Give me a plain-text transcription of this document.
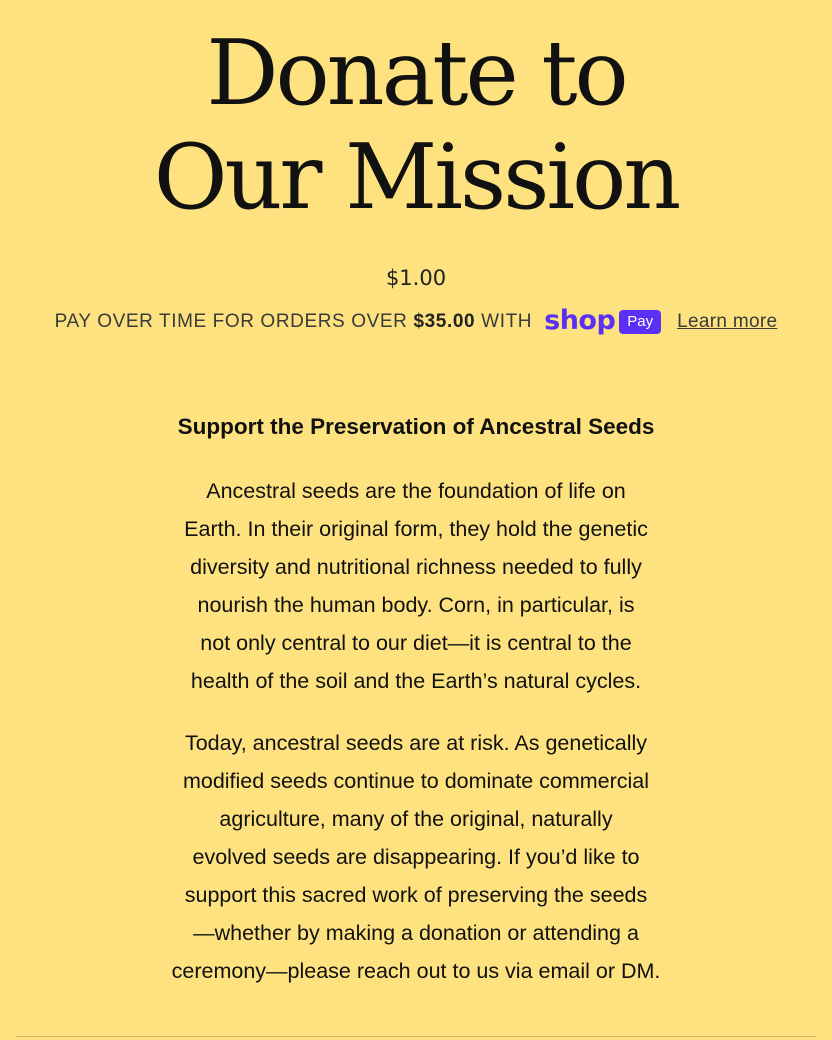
Donate to
Our Mission
$1.00
PAY OVER TIME FOR ORDERS OVER $35.00 WITH shop Pay	Learn more
Support the Preservation of Ancestral Seeds
Ancestral seeds are the foundation of life on
Earth. In their original form, they hold the genetic
diversity and nutritional richness needed to fully
nourish the human body. Corn, in particular, is
not only central to our diet—it is central to the
health of the soil and the Earth’s natural cycles.
Today, ancestral seeds are at risk. As genetically
modified seeds continue to dominate commercial
agriculture, many of the original, naturally
evolved seeds are disappearing. If you’d like to
support this sacred work of preserving the seeds
—whether by making a donation or attending a
ceremony—please reach out to us via email or DM.
